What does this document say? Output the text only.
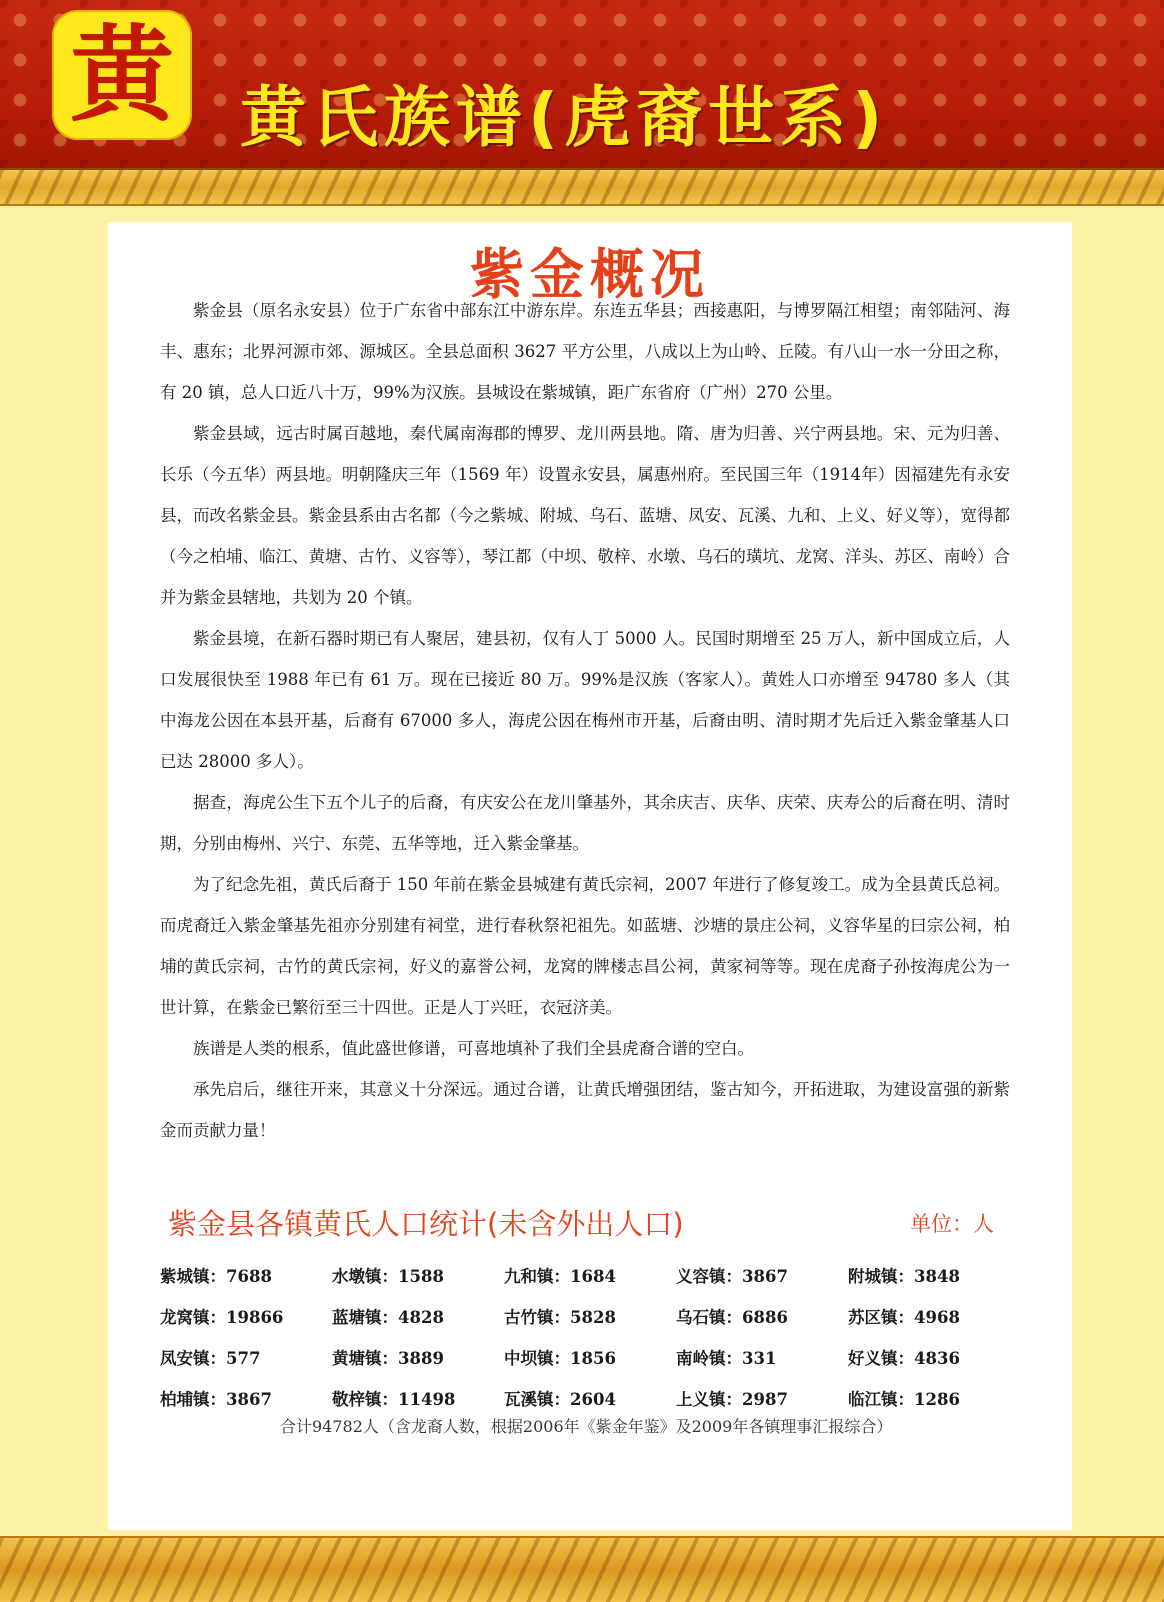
黄 黄氏族谱(虎裔世系)
紫金概况

紫金县（原名永安县）位于广东省中部东江中游东岸。东连五华县；西接惠阳，与博罗隔江相望；南邻陆河、海丰、惠东；北界河源市郊、源城区。全县总面积 3627 平方公里，八成以上为山岭、丘陵。有八山一水一分田之称，有 20 镇，总人口近八十万，99%为汉族。县城设在紫城镇，距广东省府（广州）270 公里。

紫金县域，远古时属百越地，秦代属南海郡的博罗、龙川两县地。隋、唐为归善、兴宁两县地。宋、元为归善、长乐（今五华）两县地。明朝隆庆三年（1569 年）设置永安县，属惠州府。至民国三年（1914年）因福建先有永安县，而改名紫金县。紫金县系由古名都（今之紫城、附城、乌石、蓝塘、凤安、瓦溪、九和、上义、好义等），宽得都（今之柏埔、临江、黄塘、古竹、义容等），琴江都（中坝、敬梓、水墩、乌石的璜坑、龙窝、洋头、苏区、南岭）合并为紫金县辖地，共划为 20 个镇。

紫金县境，在新石器时期已有人聚居，建县初，仅有人丁 5000 人。民国时期增至 25 万人，新中国成立后，人口发展很快至 1988 年已有 61 万。现在已接近 80 万。99%是汉族（客家人）。黄姓人口亦增至 94780 多人（其中海龙公因在本县开基，后裔有 67000 多人，海虎公因在梅州市开基，后裔由明、清时期才先后迁入紫金肇基人口已达 28000 多人）。

据查，海虎公生下五个儿子的后裔，有庆安公在龙川肇基外，其余庆吉、庆华、庆荣、庆寿公的后裔在明、清时期，分别由梅州、兴宁、东莞、五华等地，迁入紫金肇基。

为了纪念先祖，黄氏后裔于 150 年前在紫金县城建有黄氏宗祠，2007 年进行了修复竣工。成为全县黄氏总祠。而虎裔迁入紫金肇基先祖亦分别建有祠堂，进行春秋祭祀祖先。如蓝塘、沙塘的景庄公祠，义容华星的曰宗公祠，柏埔的黄氏宗祠，古竹的黄氏宗祠，好义的嘉誉公祠，龙窝的牌楼志昌公祠，黄家祠等等。现在虎裔子孙按海虎公为一世计算，在紫金已繁衍至三十四世。正是人丁兴旺，衣冠济美。

族谱是人类的根系，值此盛世修谱，可喜地填补了我们全县虎裔合谱的空白。

承先启后，继往开来，其意义十分深远。通过合谱，让黄氏增强团结，鉴古知今，开拓进取，为建设富强的新紫金而贡献力量！

紫金县各镇黄氏人口统计(未含外出人口)	单位：人
紫城镇：7688	水墩镇：1588	九和镇：1684	义容镇：3867	附城镇：3848
龙窝镇：19866	蓝塘镇：4828	古竹镇：5828	乌石镇：6886	苏区镇：4968
凤安镇：577	黄塘镇：3889	中坝镇：1856	南岭镇：331	好义镇：4836
柏埔镇：3867	敬梓镇：11498	瓦溪镇：2604	上义镇：2987	临江镇：1286
合计94782人（含龙裔人数，根据2006年《紫金年鉴》及2009年各镇理事汇报综合）
